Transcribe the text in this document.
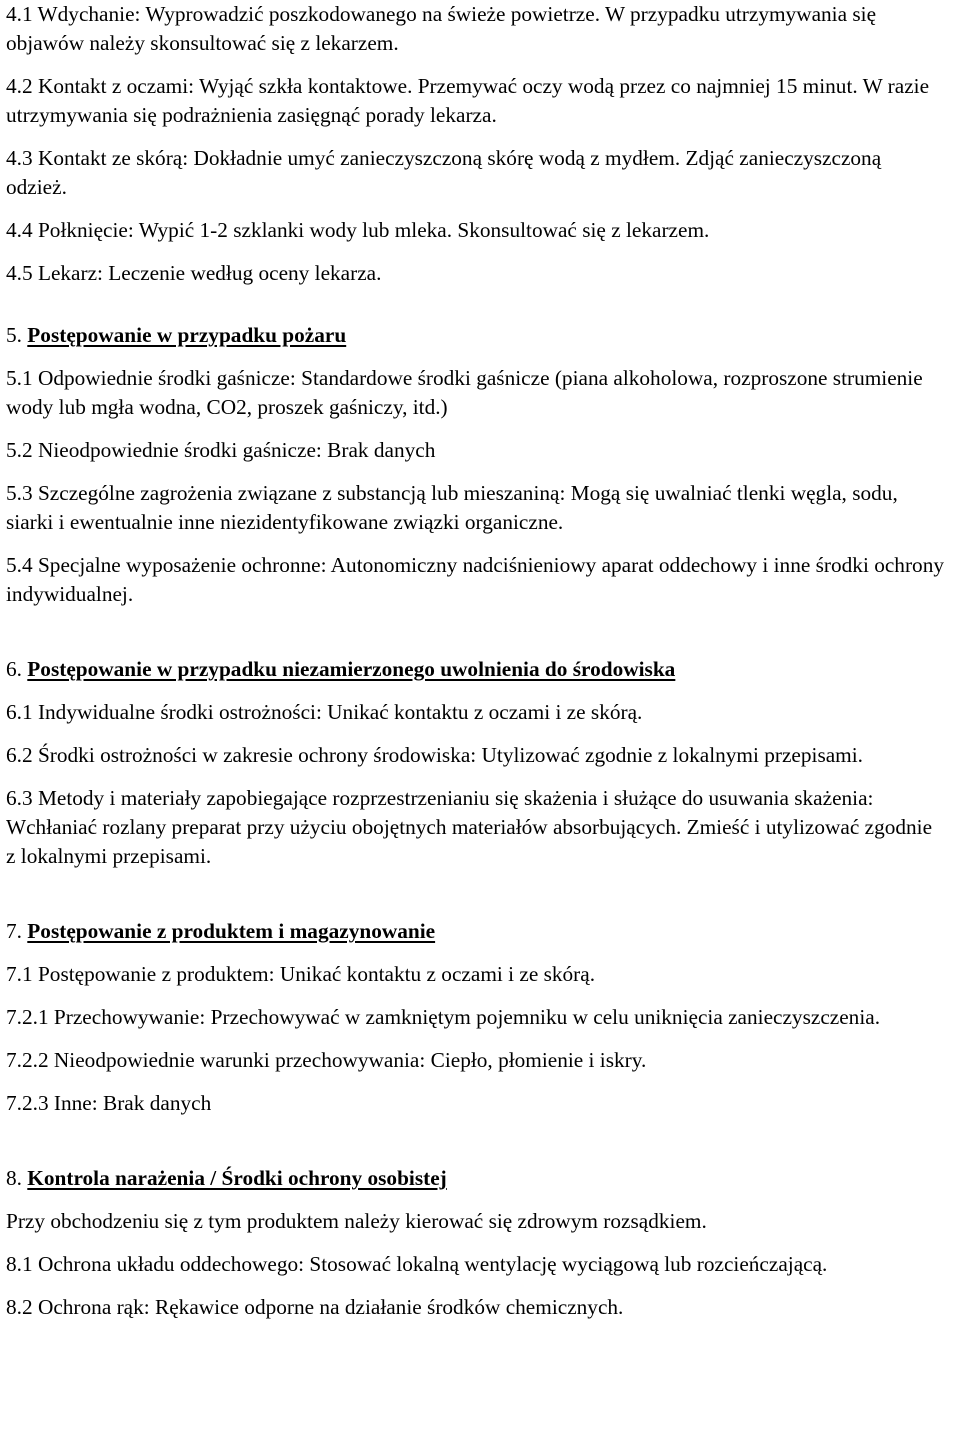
4.1 Wdychanie: Wyprowadzić poszkodowanego na świeże powietrze. W przypadku utrzymywania się objawów należy skonsultować się z lekarzem.

4.2 Kontakt z oczami: Wyjąć szkła kontaktowe. Przemywać oczy wodą przez co najmniej 15 minut. W razie utrzymywania się podrażnienia zasięgnąć porady lekarza.

4.3 Kontakt ze skórą: Dokładnie umyć zanieczyszczoną skórę wodą z mydłem. Zdjąć zanieczyszczoną odzież.

4.4 Połknięcie: Wypić 1-2 szklanki wody lub mleka. Skonsultować się z lekarzem.

4.5 Lekarz: Leczenie według oceny lekarza.

5. Postępowanie w przypadku pożaru

5.1 Odpowiednie środki gaśnicze: Standardowe środki gaśnicze (piana alkoholowa, rozproszone strumienie wody lub mgła wodna, CO2, proszek gaśniczy, itd.)

5.2 Nieodpowiednie środki gaśnicze: Brak danych

5.3 Szczególne zagrożenia związane z substancją lub mieszaniną: Mogą się uwalniać tlenki węgla, sodu, siarki i ewentualnie inne niezidentyfikowane związki organiczne.

5.4 Specjalne wyposażenie ochronne: Autonomiczny nadciśnieniowy aparat oddechowy i inne środki ochrony indywidualnej.

6. Postępowanie w przypadku niezamierzonego uwolnienia do środowiska

6.1 Indywidualne środki ostrożności: Unikać kontaktu z oczami i ze skórą.

6.2 Środki ostrożności w zakresie ochrony środowiska: Utylizować zgodnie z lokalnymi przepisami.

6.3 Metody i materiały zapobiegające rozprzestrzenianiu się skażenia i służące do usuwania skażenia: Wchłaniać rozlany preparat przy użyciu obojętnych materiałów absorbujących. Zmieść i utylizować zgodnie z lokalnymi przepisami.

7. Postępowanie z produktem i magazynowanie

7.1 Postępowanie z produktem: Unikać kontaktu z oczami i ze skórą.

7.2.1 Przechowywanie: Przechowywać w zamkniętym pojemniku w celu uniknięcia zanieczyszczenia.

7.2.2 Nieodpowiednie warunki przechowywania: Ciepło, płomienie i iskry.

7.2.3 Inne: Brak danych

8. Kontrola narażenia / Środki ochrony osobistej

Przy obchodzeniu się z tym produktem należy kierować się zdrowym rozsądkiem.

8.1 Ochrona układu oddechowego: Stosować lokalną wentylację wyciągową lub rozcieńczającą.

8.2 Ochrona rąk: Rękawice odporne na działanie środków chemicznych.
